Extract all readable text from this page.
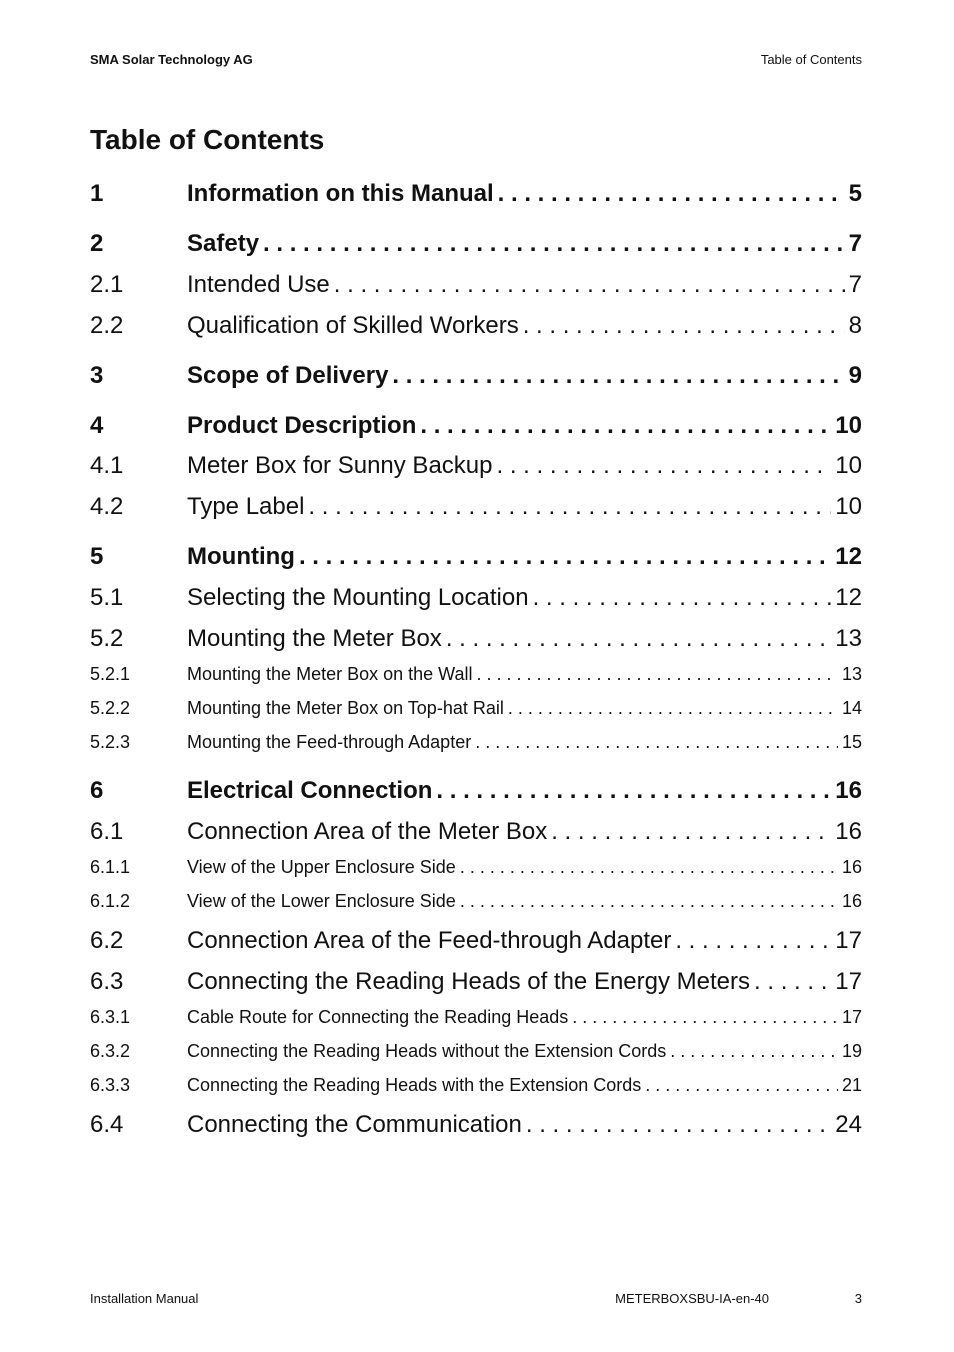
SMA Solar Technology AG	Table of Contents
Table of Contents
1	Information on this Manual . . .	5
2	Safety . . .	7
2.1	Intended Use . . .	7
2.2	Qualification of Skilled Workers . . .	8
3	Scope of Delivery . . .	9
4	Product Description . . .	10
4.1	Meter Box for Sunny Backup . . .	10
4.2	Type Label . . .	10
5	Mounting . . .	12
5.1	Selecting the Mounting Location . . .	12
5.2	Mounting the Meter Box . . .	13
5.2.1	Mounting the Meter Box on the Wall . . .	13
5.2.2	Mounting the Meter Box on Top-hat Rail . . .	14
5.2.3	Mounting the Feed-through Adapter . . .	15
6	Electrical Connection . . .	16
6.1	Connection Area of the Meter Box . . .	16
6.1.1	View of the Upper Enclosure Side . . .	16
6.1.2	View of the Lower Enclosure Side . . .	16
6.2	Connection Area of the Feed-through Adapter . . .	17
6.3	Connecting the Reading Heads of the Energy Meters . . .	17
6.3.1	Cable Route for Connecting the Reading Heads . . .	17
6.3.2	Connecting the Reading Heads without the Extension Cords . . .	19
6.3.3	Connecting the Reading Heads with the Extension Cords . . .	21
6.4	Connecting the Communication . . .	24
Installation Manual	METERBOXSBU-IA-en-40	3
